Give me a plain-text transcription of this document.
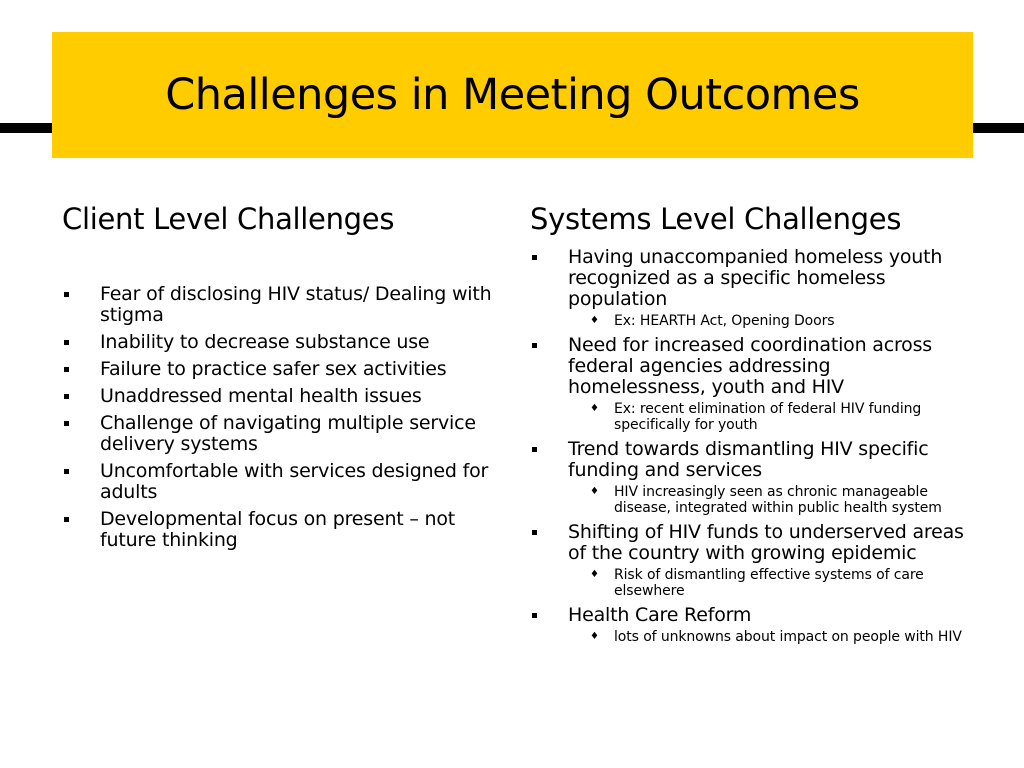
Challenges in Meeting Outcomes
Client Level Challenges
Fear of disclosing HIV status/ Dealing with stigma
Inability to decrease substance use
Failure to practice safer sex activities
Unaddressed mental health issues
Challenge of navigating multiple service delivery systems
Uncomfortable with services designed for adults
Developmental focus on present – not future thinking
Systems Level Challenges
Having unaccompanied homeless youth recognized as a specific homeless population
♦ Ex: HEARTH Act, Opening Doors
Need for increased coordination across federal agencies addressing homelessness, youth and HIV
♦ Ex: recent elimination of federal HIV funding specifically for youth
Trend towards dismantling HIV specific funding and services
♦ HIV increasingly seen as chronic manageable disease, integrated within public health system
Shifting of HIV funds to underserved areas of the country with growing epidemic
♦ Risk of dismantling effective systems of care elsewhere
Health Care Reform
♦ lots of unknowns about impact on people with HIV
